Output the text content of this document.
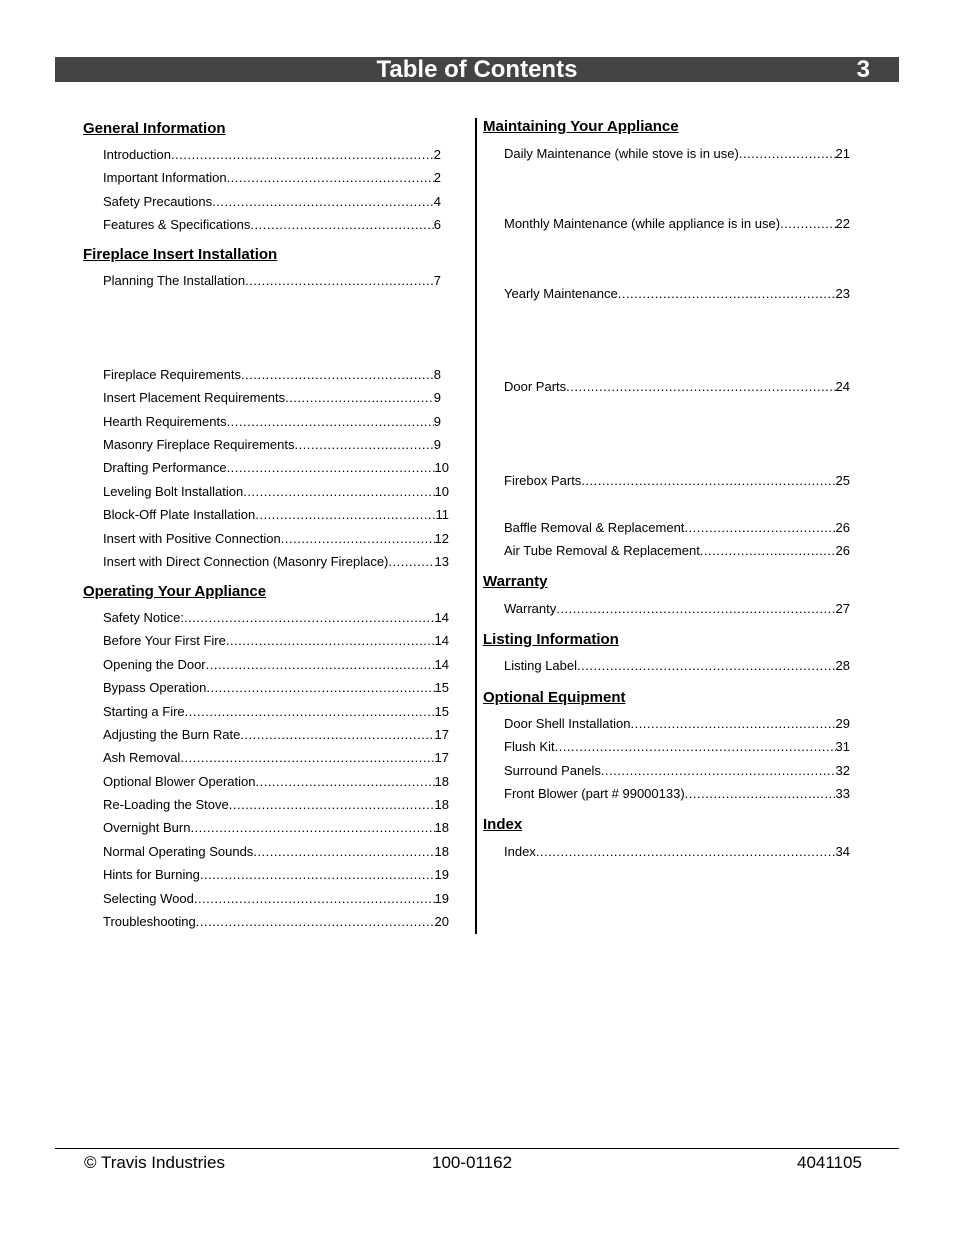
Table of Contents	3
General Information
Introduction .....	2
Important Information .....	2
Safety Precautions .....	4
Features & Specifications .....	6
Fireplace Insert Installation
Planning The Installation .....	7
Fireplace Requirements .....	8
Insert Placement Requirements .....	9
Hearth Requirements .....	9
Masonry Fireplace Requirements .....	9
Drafting Performance .....	10
Leveling Bolt Installation .....	10
Block-Off Plate Installation .....	11
Insert with Positive Connection .....	12
Insert with Direct Connection (Masonry Fireplace) .....	13
Operating Your Appliance
Safety Notice: .....	14
Before Your First Fire .....	14
Opening the Door .....	14
Bypass Operation .....	15
Starting a Fire .....	15
Adjusting the Burn Rate .....	17
Ash Removal .....	17
Optional Blower Operation .....	18
Re-Loading the Stove .....	18
Overnight Burn .....	18
Normal Operating Sounds .....	18
Hints for Burning .....	19
Selecting Wood .....	19
Troubleshooting .....	20
Maintaining Your Appliance
Daily Maintenance (while stove is in use) .....	21
Monthly Maintenance (while appliance is in use) .....	22
Yearly Maintenance .....	23
Door Parts .....	24
Firebox Parts .....	25
Baffle Removal & Replacement .....	26
Air Tube Removal & Replacement .....	26
Warranty
Warranty .....	27
Listing Information
Listing Label .....	28
Optional Equipment
Door Shell Installation .....	29
Flush Kit .....	31
Surround Panels .....	32
Front Blower (part # 99000133) .....	33
Index
Index .....	34
© Travis Industries	100-01162	4041105
